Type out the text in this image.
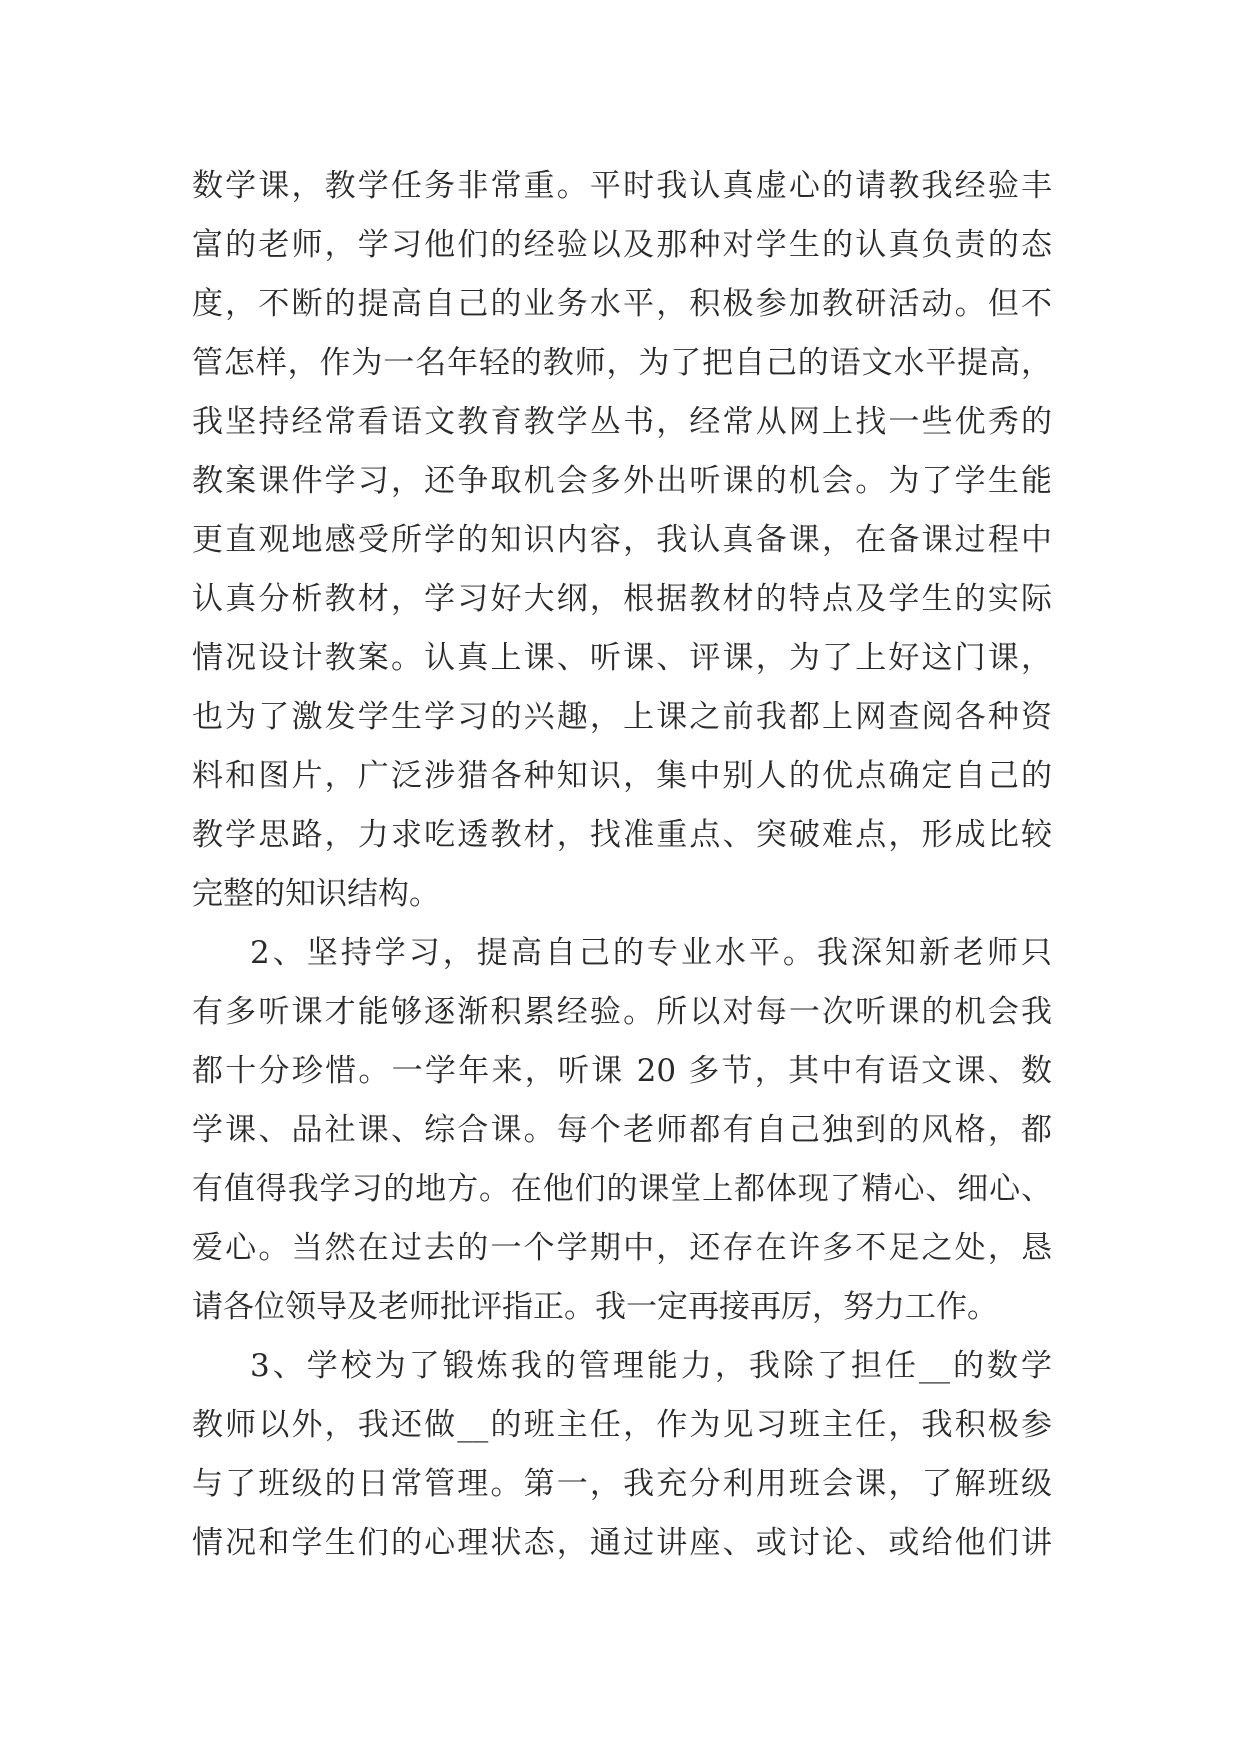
数学课，教学任务非常重。平时我认真虚心的请教我经验丰
富的老师，学习他们的经验以及那种对学生的认真负责的态
度，不断的提高自己的业务水平，积极参加教研活动。但不
管怎样，作为一名年轻的教师，为了把自己的语文水平提高，
我坚持经常看语文教育教学丛书，经常从网上找一些优秀的
教案课件学习，还争取机会多外出听课的机会。为了学生能
更直观地感受所学的知识内容，我认真备课，在备课过程中
认真分析教材，学习好大纲，根据教材的特点及学生的实际
情况设计教案。认真上课、听课、评课，为了上好这门课，
也为了激发学生学习的兴趣，上课之前我都上网查阅各种资
料和图片，广泛涉猎各种知识，集中别人的优点确定自己的
教学思路，力求吃透教材，找准重点、突破难点，形成比较
完整的知识结构。
2、坚持学习，提高自己的专业水平。我深知新老师只
有多听课才能够逐渐积累经验。所以对每一次听课的机会我
都十分珍惜。一学年来，听课 20 多节，其中有语文课、数
学课、品社课、综合课。每个老师都有自己独到的风格，都
有值得我学习的地方。在他们的课堂上都体现了精心、细心、
爱心。当然在过去的一个学期中，还存在许多不足之处，恳
请各位领导及老师批评指正。我一定再接再厉，努力工作。
3、学校为了锻炼我的管理能力，我除了担任__的数学
教师以外，我还做__的班主任，作为见习班主任，我积极参
与了班级的日常管理。第一，我充分利用班会课，了解班级
情况和学生们的心理状态，通过讲座、或讨论、或给他们讲
